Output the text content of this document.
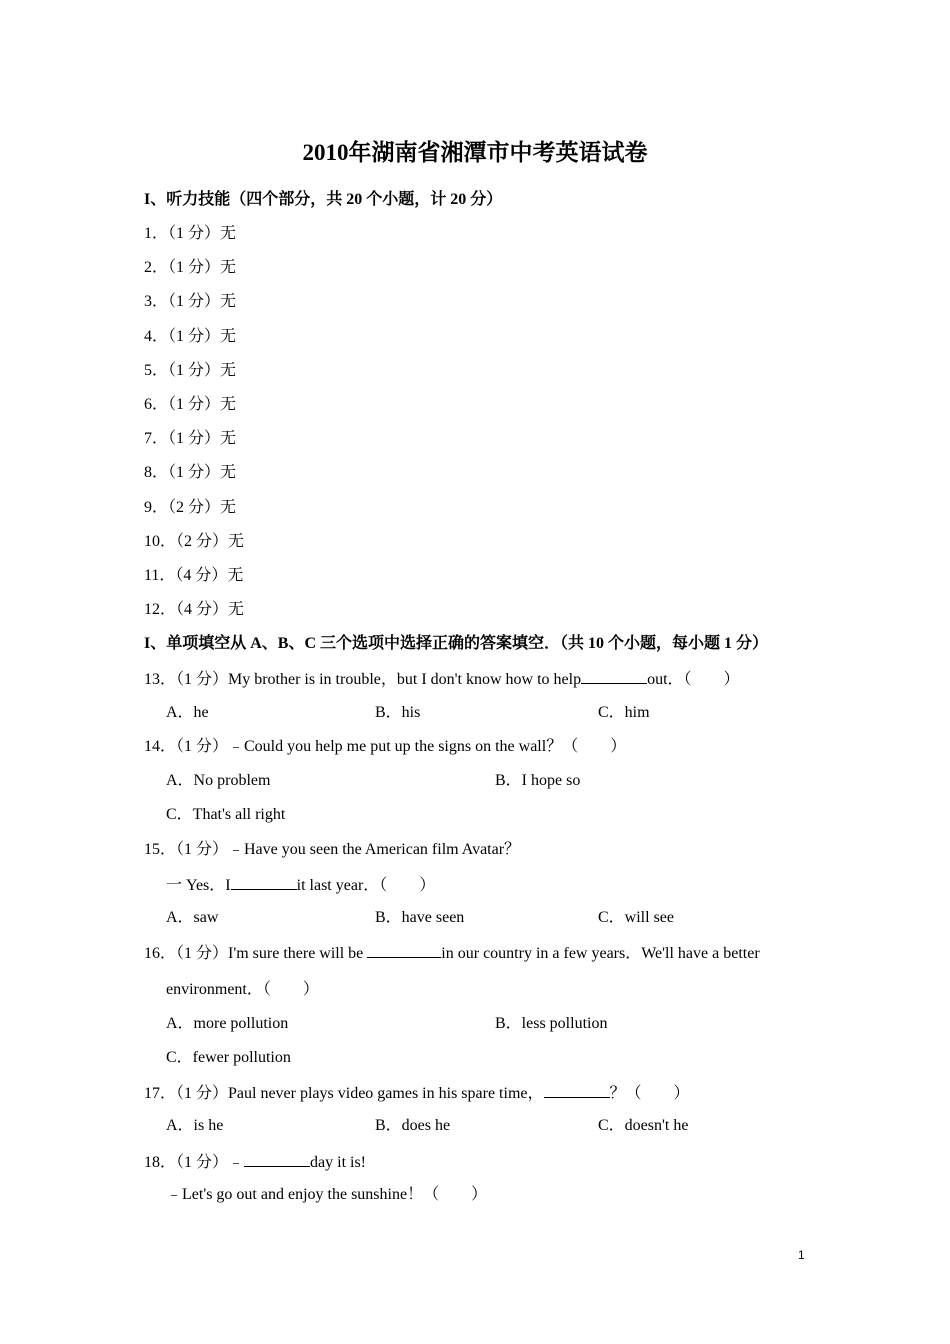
2010年湖南省湘潭市中考英语试卷
I、听力技能（四个部分，共 20 个小题，计 20 分）
1．（1 分）无
2．（1 分）无
3．（1 分）无
4．（1 分）无
5．（1 分）无
6．（1 分）无
7．（1 分）无
8．（1 分）无
9．（2 分）无
10．（2 分）无
11．（4 分）无
12．（4 分）无
I、单项填空从 A、B、C 三个选项中选择正确的答案填空．（共 10 个小题，每小题 1 分）
13．（1 分）My brother is in trouble，but I don't know how to help	out．（　　）
A．he	B．his	C．him
14．（1 分）﹣Could you help me put up the signs on the wall？（　　）
A．No problem	B．I hope so
C．That's all right
15．（1 分）﹣Have you seen the American film Avatar？
一 Yes．I	it last year．（　　）
A．saw	B．have seen	C．will see
16．（1 分）I'm sure there will be	in our country in a few years．We'll have a better
environment．（　　）
A．more pollution	B．less pollution
C．fewer pollution
17．（1 分）Paul never plays video games in his spare time，	？（　　）
A．is he	B．does he	C．doesn't he
18．（1 分）﹣	day it is!
﹣Let's go out and enjoy the sunshine！（　　）
1
